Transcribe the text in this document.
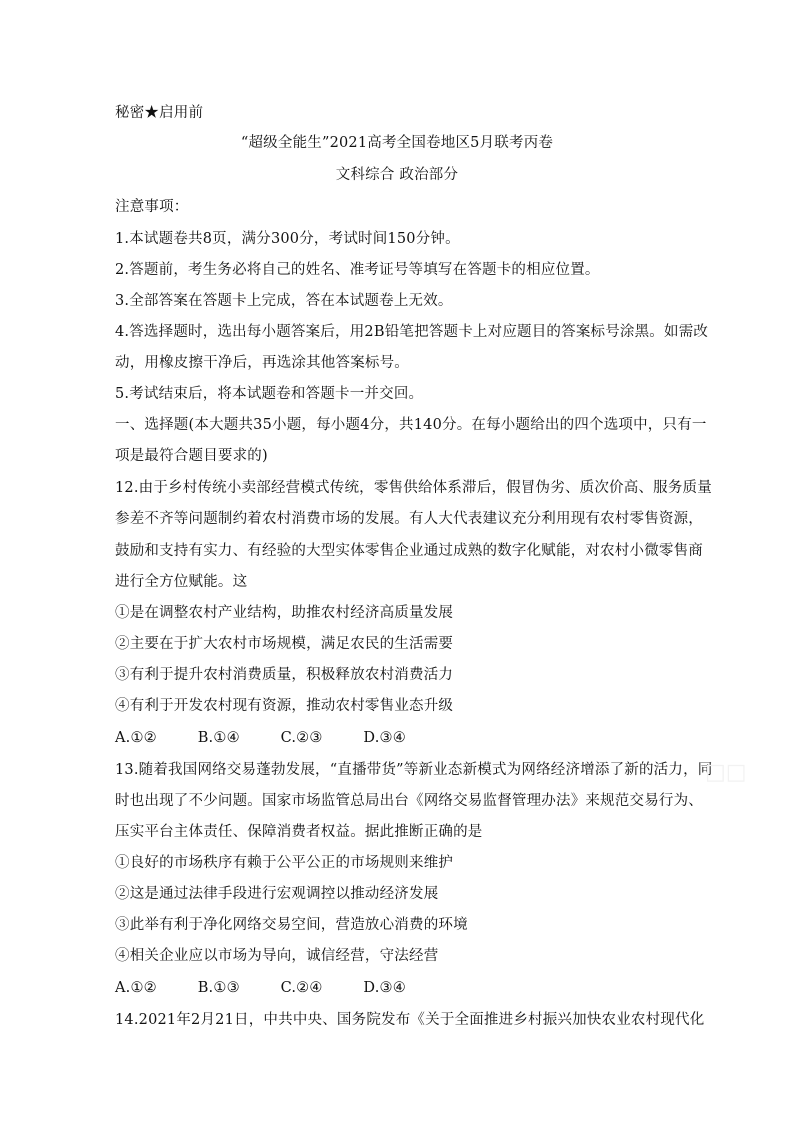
秘密★启用前
“超级全能生”2021高考全国卷地区5月联考丙卷
文科综合 政治部分
注意事项：
1.本试题卷共8页，满分300分，考试时间150分钟。
2.答题前，考生务必将自己的姓名、准考证号等填写在答题卡的相应位置。
3.全部答案在答题卡上完成，答在本试题卷上无效。
4.答选择题时，选出每小题答案后，用2B铅笔把答题卡上对应题目的答案标号涂黑。如需改
动，用橡皮擦干净后，再选涂其他答案标号。
5.考试结束后，将本试题卷和答题卡一并交回。
一、选择题(本大题共35小题，每小题4分，共140分。在每小题给出的四个选项中，只有一
项是最符合题目要求的)
12.由于乡村传统小卖部经营模式传统，零售供给体系滞后，假冒伪劣、质次价高、服务质量
参差不齐等问题制约着农村消费市场的发展。有人大代表建议充分利用现有农村零售资源，
鼓励和支持有实力、有经验的大型实体零售企业通过成熟的数字化赋能，对农村小微零售商
进行全方位赋能。这
①是在调整农村产业结构，助推农村经济高质量发展
②主要在于扩大农村市场规模，满足农民的生活需要
③有利于提升农村消费质量，积极释放农村消费活力
④有利于开发农村现有资源，推动农村零售业态升级
A.①②	B.①④	C.②③	D.③④
13.随着我国网络交易蓬勃发展，“直播带货”等新业态新模式为网络经济增添了新的活力，同
时也出现了不少问题。国家市场监管总局出台《网络交易监督管理办法》来规范交易行为、
压实平台主体责任、保障消费者权益。据此推断正确的是
①良好的市场秩序有赖于公平公正的市场规则来维护
②这是通过法律手段进行宏观调控以推动经济发展
③此举有利于净化网络交易空间，营造放心消费的环境
④相关企业应以市场为导向，诚信经营，守法经营
A.①②	B.①③	C.②④	D.③④
14.2021年2月21日，中共中央、国务院发布《关于全面推进乡村振兴加快农业农村现代化
□□
